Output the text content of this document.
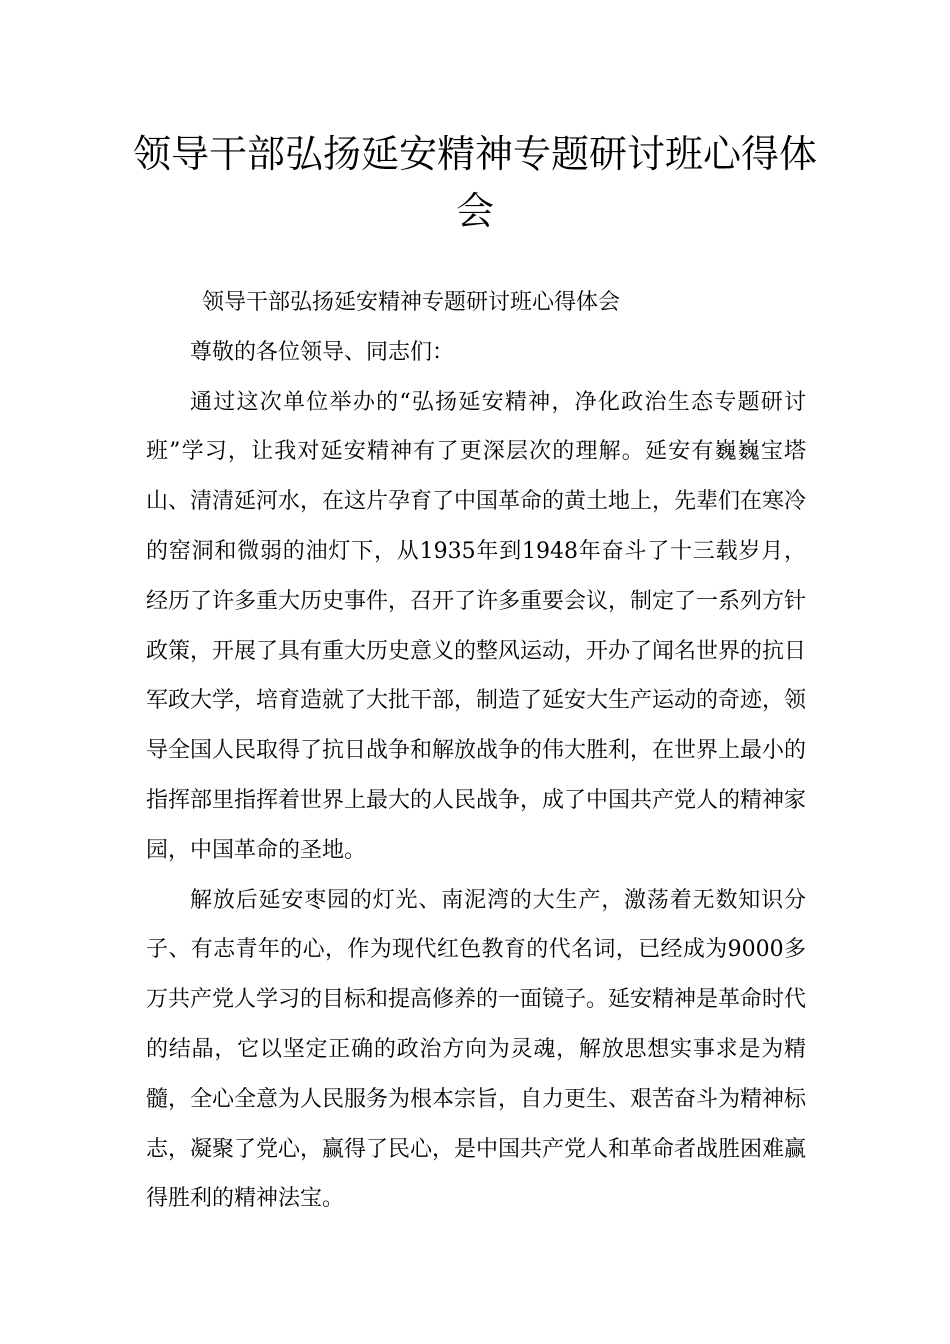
领导干部弘扬延安精神专题研讨班心得体会

领导干部弘扬延安精神专题研讨班心得体会

尊敬的各位领导、同志们：

通过这次单位举办的“弘扬延安精神，净化政治生态专题研讨班”学习，让我对延安精神有了更深层次的理解。延安有巍巍宝塔山、清清延河水，在这片孕育了中国革命的黄土地上，先辈们在寒冷的窑洞和微弱的油灯下，从1935年到1948年奋斗了十三载岁月，经历了许多重大历史事件，召开了许多重要会议，制定了一系列方针政策，开展了具有重大历史意义的整风运动，开办了闻名世界的抗日军政大学，培育造就了大批干部，制造了延安大生产运动的奇迹，领导全国人民取得了抗日战争和解放战争的伟大胜利，在世界上最小的指挥部里指挥着世界上最大的人民战争，成了中国共产党人的精神家园，中国革命的圣地。

解放后延安枣园的灯光、南泥湾的大生产，激荡着无数知识分子、有志青年的心，作为现代红色教育的代名词，已经成为9000多万共产党人学习的目标和提高修养的一面镜子。延安精神是革命时代的结晶，它以坚定正确的政治方向为灵魂，解放思想实事求是为精髓，全心全意为人民服务为根本宗旨，自力更生、艰苦奋斗为精神标志，凝聚了党心，赢得了民心，是中国共产党人和革命者战胜困难赢得胜利的精神法宝。
